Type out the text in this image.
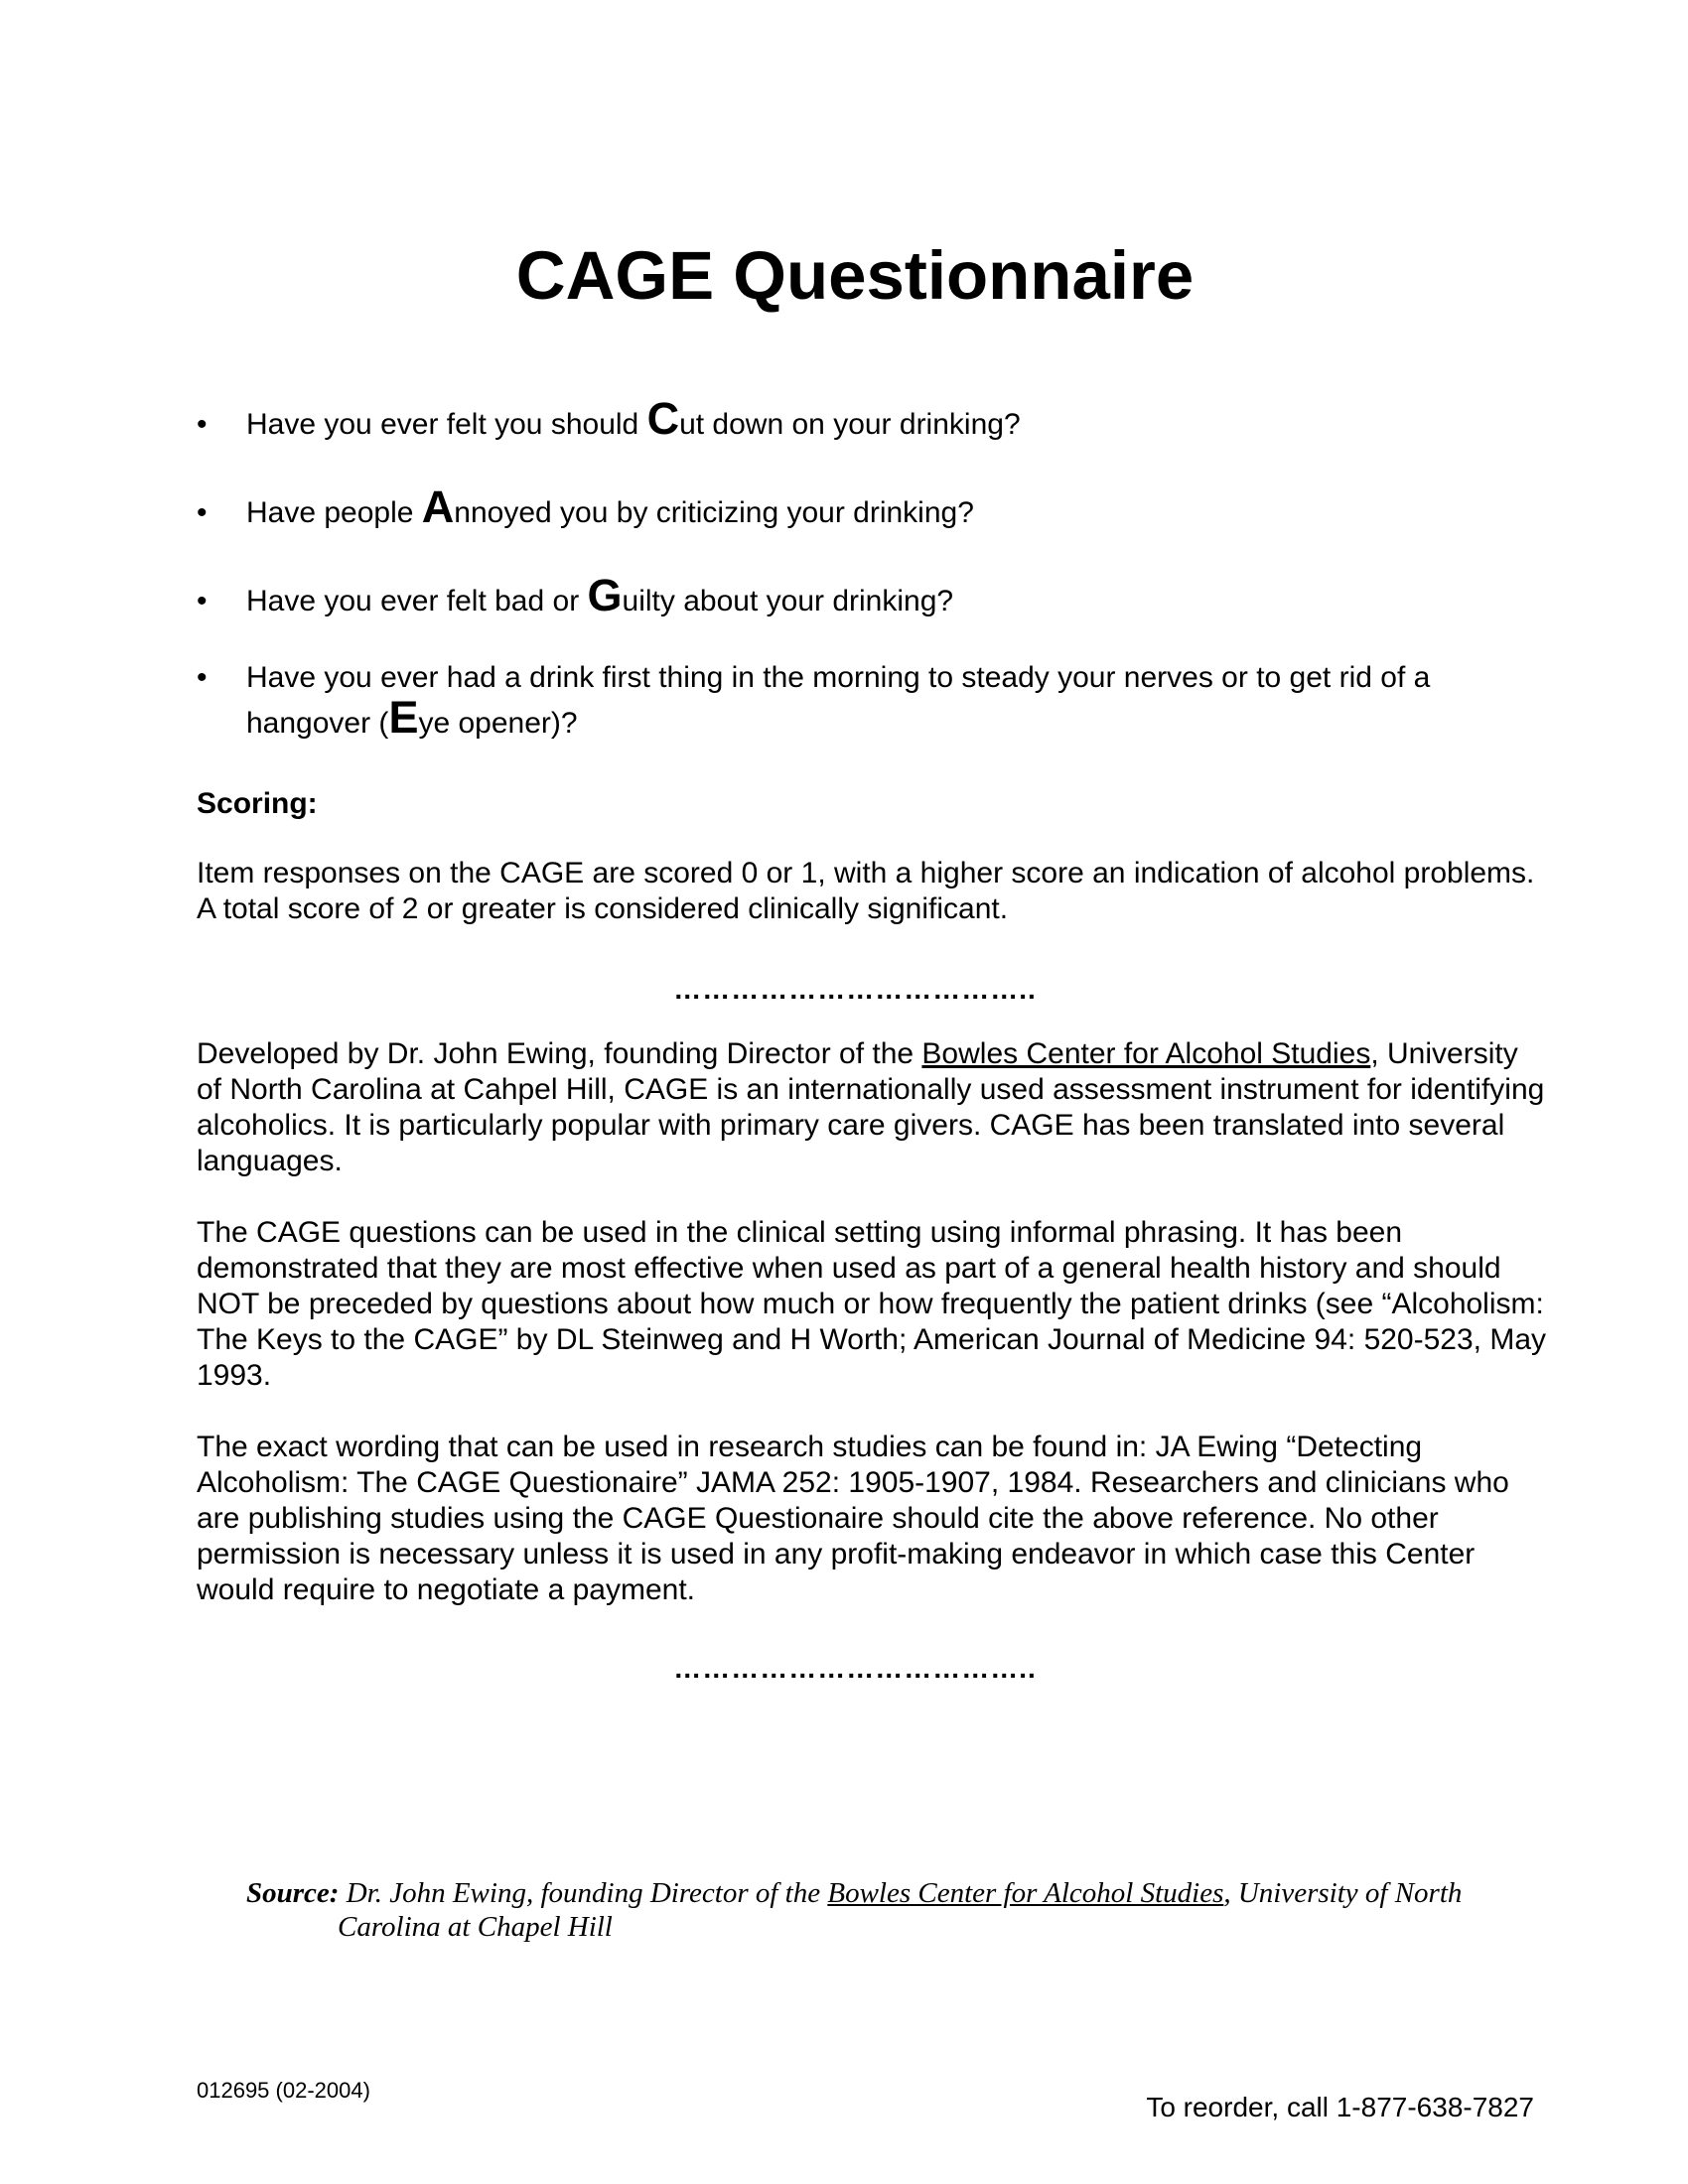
CAGE Questionnaire
•	Have you ever felt you should Cut down on your drinking?
•	Have people Annoyed you by criticizing your drinking?
•	Have you ever felt bad or Guilty about your drinking?
•	Have you ever had a drink first thing in the morning to steady your nerves or to get rid of a hangover (Eye opener)?
Scoring:

Item responses on the CAGE are scored 0 or 1, with a higher score an indication of alcohol problems. A total score of 2 or greater is considered clinically significant.

………………………………..

Developed by Dr. John Ewing, founding Director of the Bowles Center for Alcohol Studies, University of North Carolina at Cahpel Hill, CAGE is an internationally used assessment instrument for identifying alcoholics. It is particularly popular with primary care givers. CAGE has been translated into several languages.

The CAGE questions can be used in the clinical setting using informal phrasing. It has been demonstrated that they are most effective when used as part of a general health history and should NOT be preceded by questions about how much or how frequently the patient drinks (see “Alcoholism: The Keys to the CAGE” by DL Steinweg and H Worth; American Journal of Medicine 94: 520-523, May 1993.

The exact wording that can be used in research studies can be found in: JA Ewing “Detecting Alcoholism: The CAGE Questionaire” JAMA 252: 1905-1907, 1984. Researchers and clinicians who are publishing studies using the CAGE Questionaire should cite the above reference. No other permission is necessary unless it is used in any profit-making endeavor in which case this Center would require to negotiate a payment.

………………………………..
Source: Dr. John Ewing, founding Director of the Bowles Center for Alcohol Studies, University of North Carolina at Chapel Hill
012695 (02-2004)
To reorder, call 1-877-638-7827
